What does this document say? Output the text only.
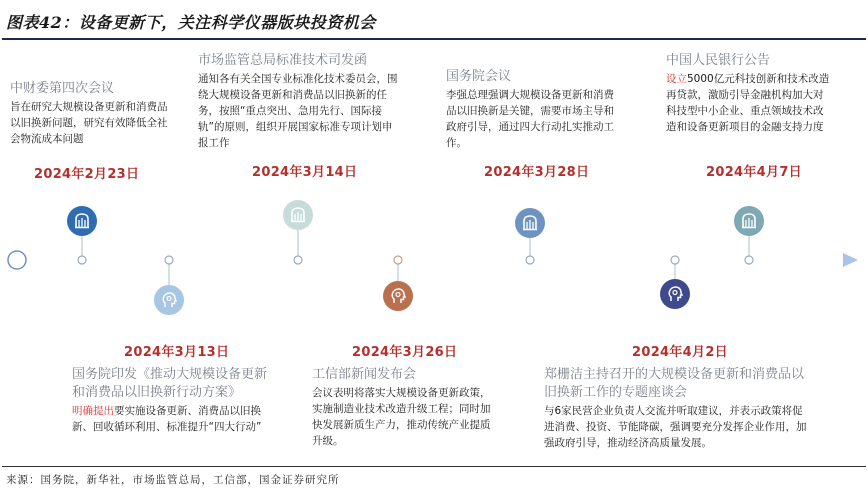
图表42：设备更新下，关注科学仪器版块投资机会

中财委第四次会议

旨在研究大规模设备更新和消费品以旧换新问题，研究有效降低全社会物流成本问题

2024年2月23日
2024年3月13日

国务院印发《推动大规模设备更新和消费品以旧换新行动方案》

明确提出要实施设备更新、消费品以旧换新、回收循环利用、标准提升“四大行动”

市场监管总局标准技术司发函

通知各有关全国专业标准化技术委员会，围绕大规模设备更新和消费品以旧换新的任务，按照“重点突出、急用先行、国际接轨”的原则，组织开展国家标准专项计划申报工作

2024年3月14日
2024年3月26日

工信部新闻发布会

会议表明将落实大规模设备更新政策，实施制造业技术改造升级工程；同时加快发展新质生产力，推动传统产业提质升级。

国务院会议

李强总理强调大规模设备更新和消费品以旧换新是关键，需要市场主导和政府引导，通过四大行动扎实推动工作。

2024年3月28日
2024年4月2日

郑栅洁主持召开的大规模设备更新和消费品以旧换新工作的专题座谈会

与6家民营企业负责人交流并听取建议，并表示政策将促进消费、投资、节能降碳，强调要充分发挥企业作用，加强政府引导，推动经济高质量发展。

中国人民银行公告

设立5000亿元科技创新和技术改造再贷款，激励引导金融机构加大对科技型中小企业、重点领域技术改造和设备更新项目的金融支持力度

2024年4月7日
来源：国务院，新华社，市场监管总局，工信部，国金证券研究所
